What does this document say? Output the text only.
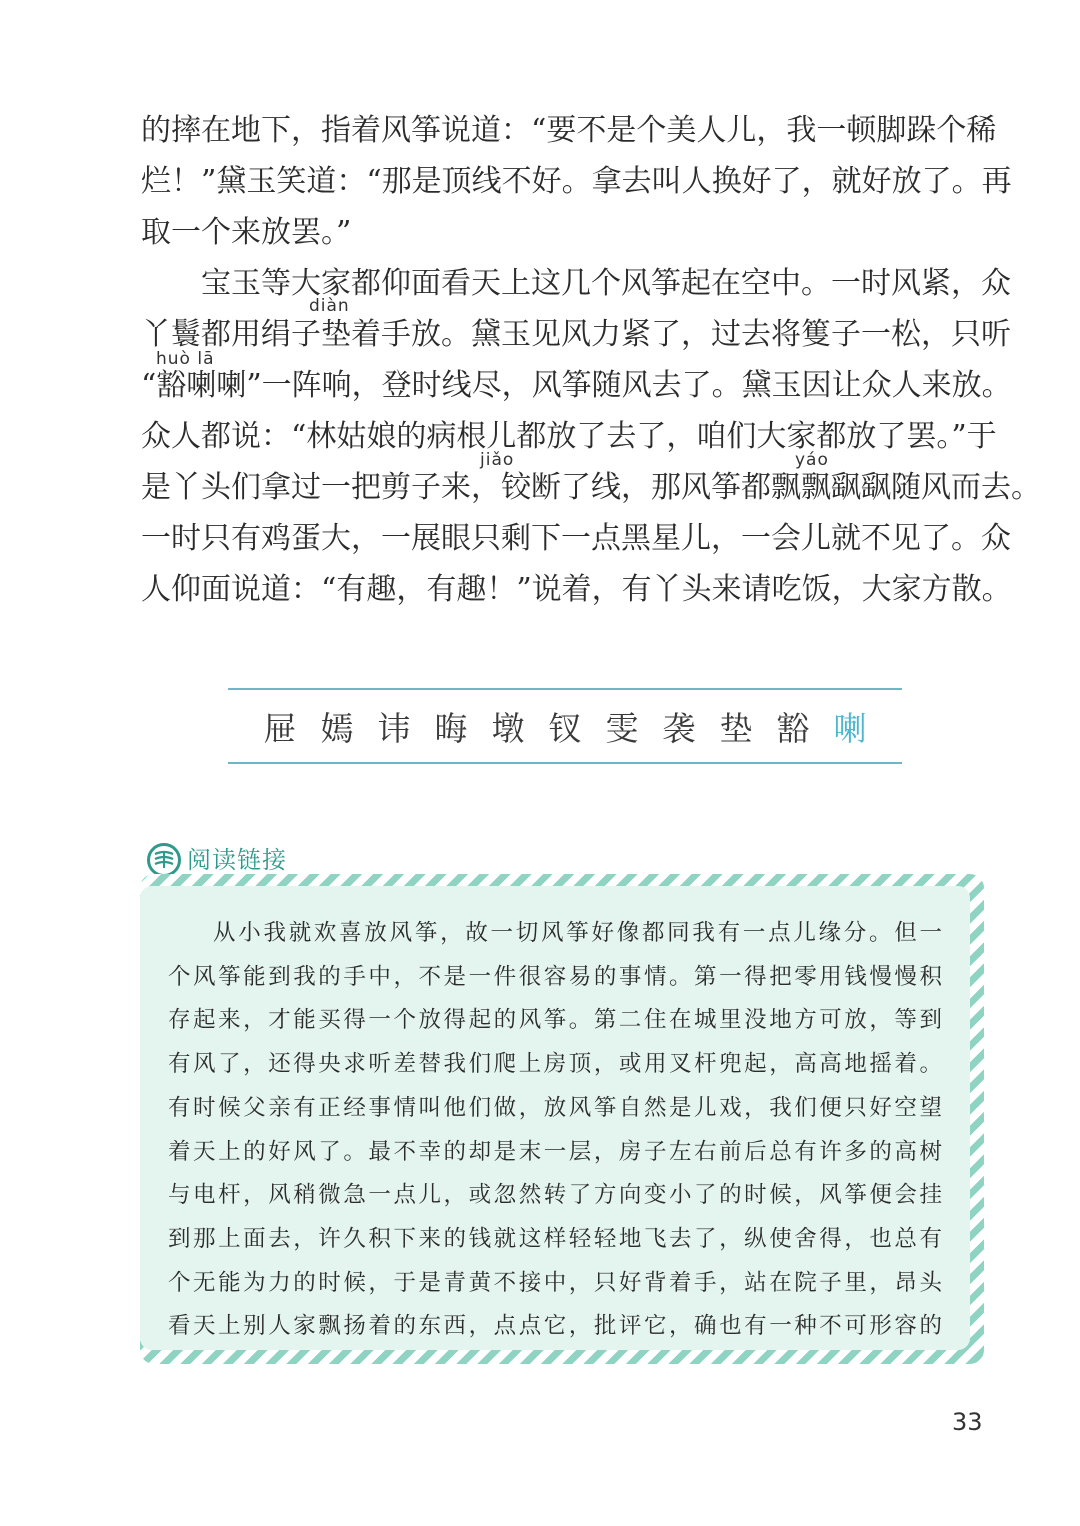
的摔在地下，指着风筝说道：“要不是个美人儿，我一顿脚跺个稀
烂！”黛玉笑道：“那是顶线不好。拿去叫人换好了，就好放了。再
取一个来放罢。”
宝玉等大家都仰面看天上这几个风筝起在空中。一时风紧，众
丫鬟都用绢子垫着手放。黛玉见风力紧了，过去将篗子一松，只听
“豁喇喇”一阵响，登时线尽，风筝随风去了。黛玉因让众人来放。
众人都说：“林姑娘的病根儿都放了去了，咱们大家都放了罢。”于
是丫头们拿过一把剪子来，铰断了线，那风筝都飘飘飖飖随风而去。
一时只有鸡蛋大，一展眼只剩下一点黑星儿，一会儿就不见了。众
人仰面说道：“有趣，有趣！”说着，有丫头来请吃饭，大家方散。
diàn
huò lā
jiǎo	yáo
屉 嫣 讳 晦 墩 钗 雯 袭 垫 豁 喇
阅读链接
从小我就欢喜放风筝，故一切风筝好像都同我有一点儿缘分。但一
个风筝能到我的手中，不是一件很容易的事情。第一得把零用钱慢慢积
存起来，才能买得一个放得起的风筝。第二住在城里没地方可放，等到
有风了，还得央求听差替我们爬上房顶，或用叉杆兜起，高高地摇着。
有时候父亲有正经事情叫他们做，放风筝自然是儿戏，我们便只好空望
着天上的好风了。最不幸的却是末一层，房子左右前后总有许多的高树
与电杆，风稍微急一点儿，或忽然转了方向变小了的时候，风筝便会挂
到那上面去，许久积下来的钱就这样轻轻地飞去了，纵使舍得，也总有
个无能为力的时候，于是青黄不接中，只好背着手，站在院子里，昂头
看天上别人家飘扬着的东西，点点它，批评它，确也有一种不可形容的
33
